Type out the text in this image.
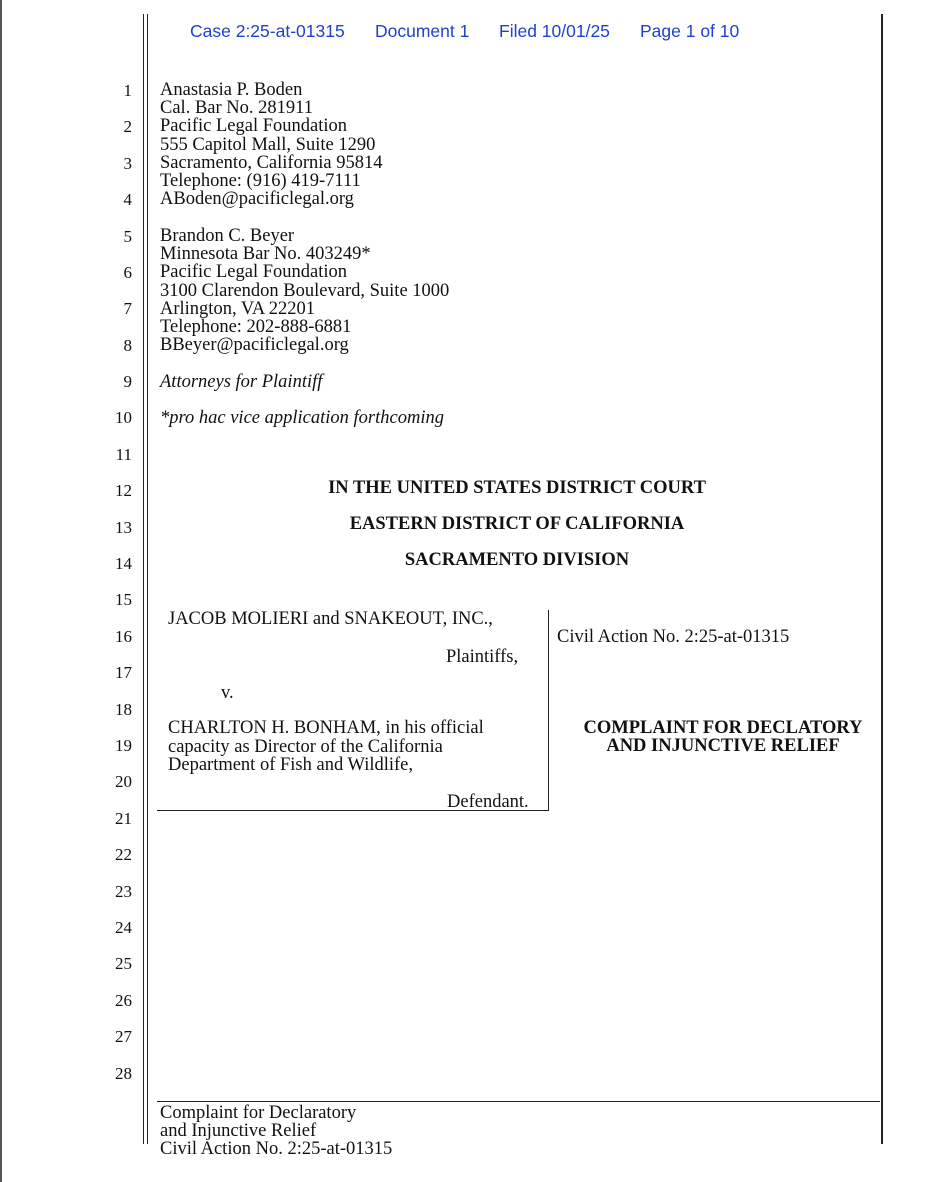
Case 2:25-at-01315 Document 1 Filed 10/01/25 Page 1 of 10
1
2
3
4
5
6
7
8
9
10
11
12
13
14
15
16
17
18
19
20
21
22
23
24
25
26
27
28
Anastasia P. Boden
Cal. Bar No. 281911
Pacific Legal Foundation
555 Capitol Mall, Suite 1290
Sacramento, California 95814
Telephone: (916) 419-7111
ABoden@pacificlegal.org
Brandon C. Beyer
Minnesota Bar No. 403249*
Pacific Legal Foundation
3100 Clarendon Boulevard, Suite 1000
Arlington, VA 22201
Telephone: 202-888-6881
BBeyer@pacificlegal.org
Attorneys for Plaintiff
*pro hac vice application forthcoming
IN THE UNITED STATES DISTRICT COURT
EASTERN DISTRICT OF CALIFORNIA
SACRAMENTO DIVISION
JACOB MOLIERI and SNAKEOUT, INC.,
Plaintiffs,
v.
CHARLTON H. BONHAM, in his official
capacity as Director of the California
Department of Fish and Wildlife,
Defendant.
Civil Action No. 2:25-at-01315
COMPLAINT FOR DECLATORY
AND INJUNCTIVE RELIEF
Complaint for Declaratory
and Injunctive Relief
Civil Action No. 2:25-at-01315
